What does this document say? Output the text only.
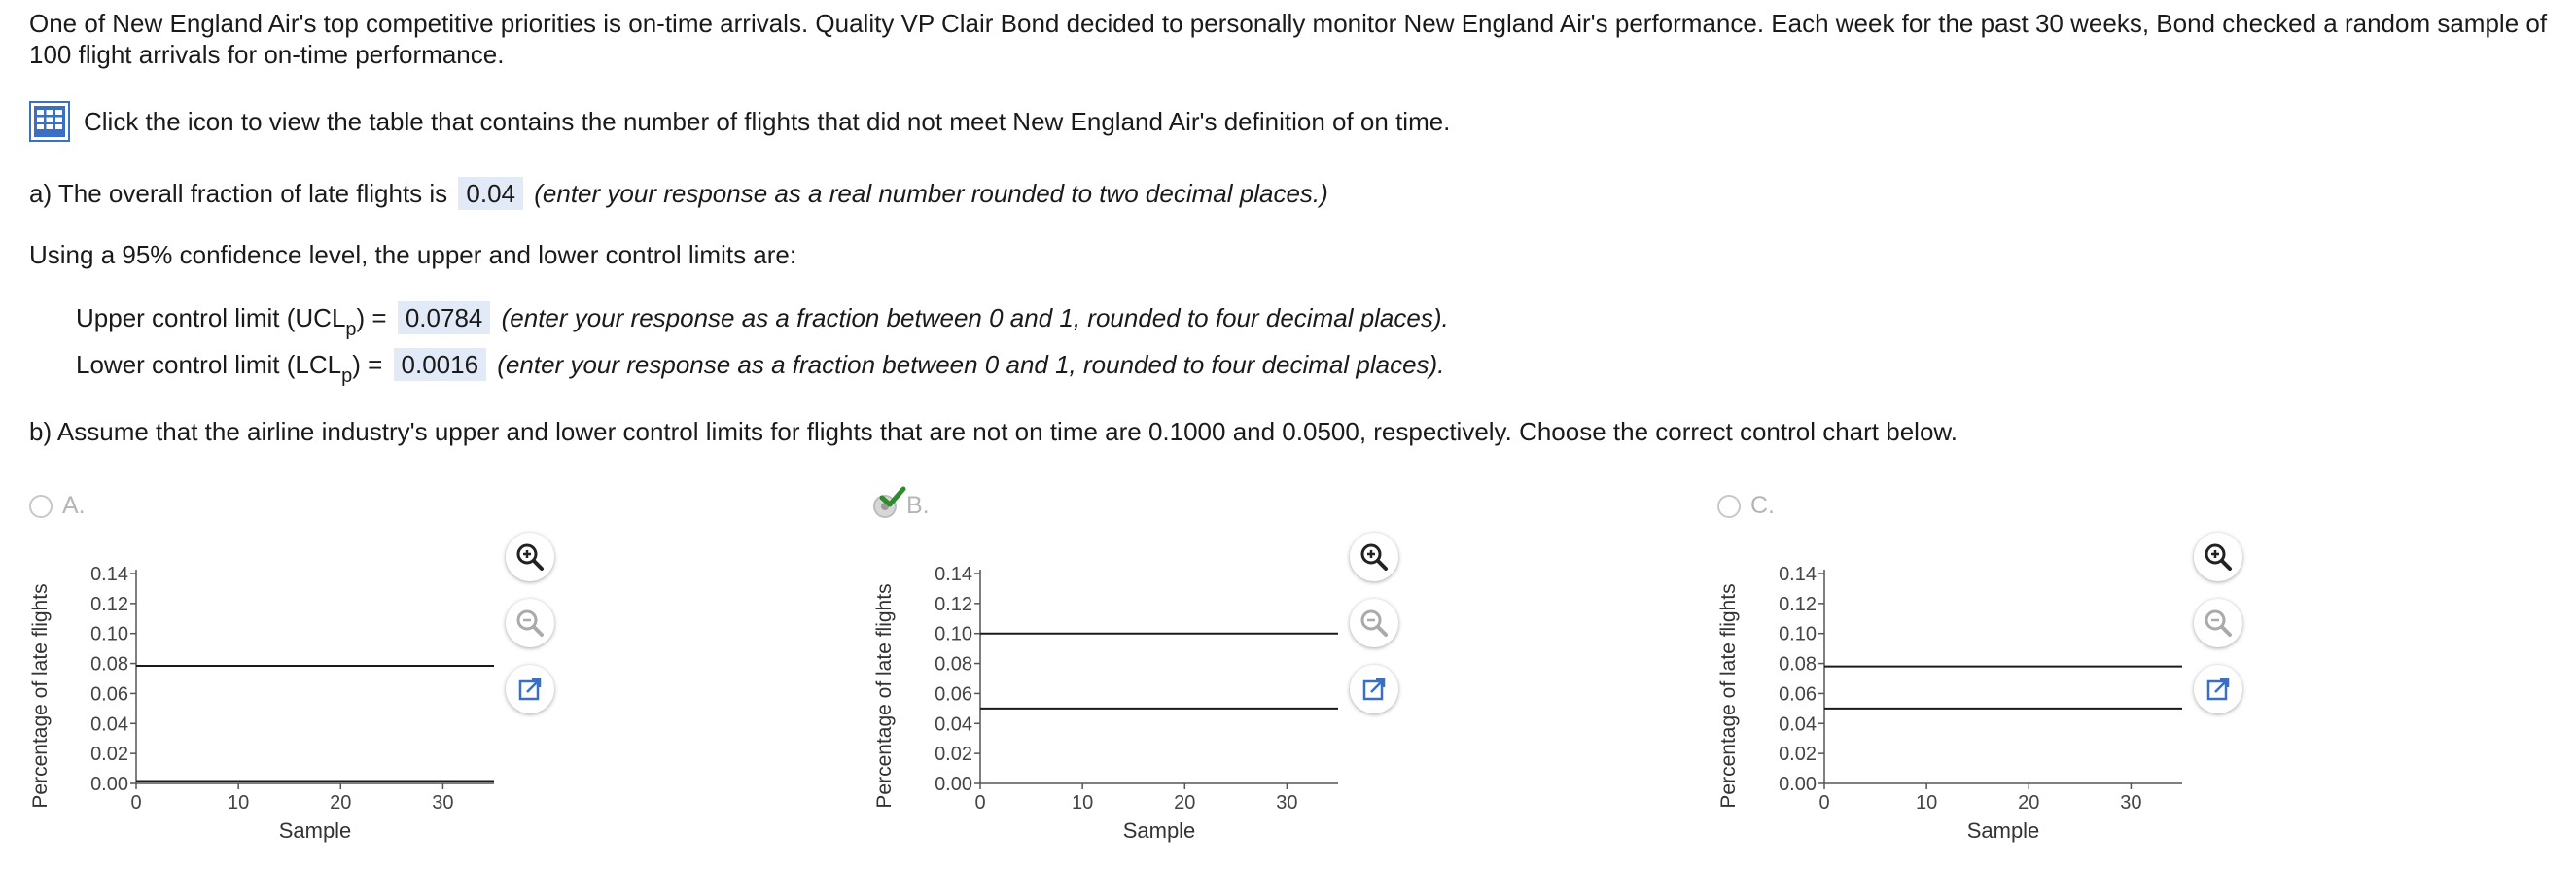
One of New England Air's top competitive priorities is on-time arrivals. Quality VP Clair Bond decided to personally monitor New England Air's performance. Each week for the past 30 weeks, Bond checked a random sample of 100 flight arrivals for on-time performance.
Click the icon to view the table that contains the number of flights that did not meet New England Air's definition of on time.
a) The overall fraction of late flights is 0.04 (enter your response as a real number rounded to two decimal places.)
Using a 95% confidence level, the upper and lower control limits are:
Upper control limit $(UCL_p) = 0.0784$ (enter your response as a fraction between 0 and 1, rounded to four decimal places).
Lower control limit $(LCL_p) = 0.0016$ (enter your response as a fraction between 0 and 1, rounded to four decimal places).
b) Assume that the airline industry's upper and lower control limits for flights that are not on time are 0.1000 and 0.0500, respectively. Choose the correct control chart below.
A.
Percentage of late flights 0.00
0.02
0.04
0.06
0.08
0.10
0.12
0.14
0	10	20	30
Sample
B.
Percentage of late flights 0.00
0.02
0.04
0.06
0.08
0.10
0.12
0.14
0	10	20	30
Sample
C.
Percentage of late flights 0.00
0.02
0.04
0.06
0.08
0.10
0.12
0.14
0	10	20	30
Sample
